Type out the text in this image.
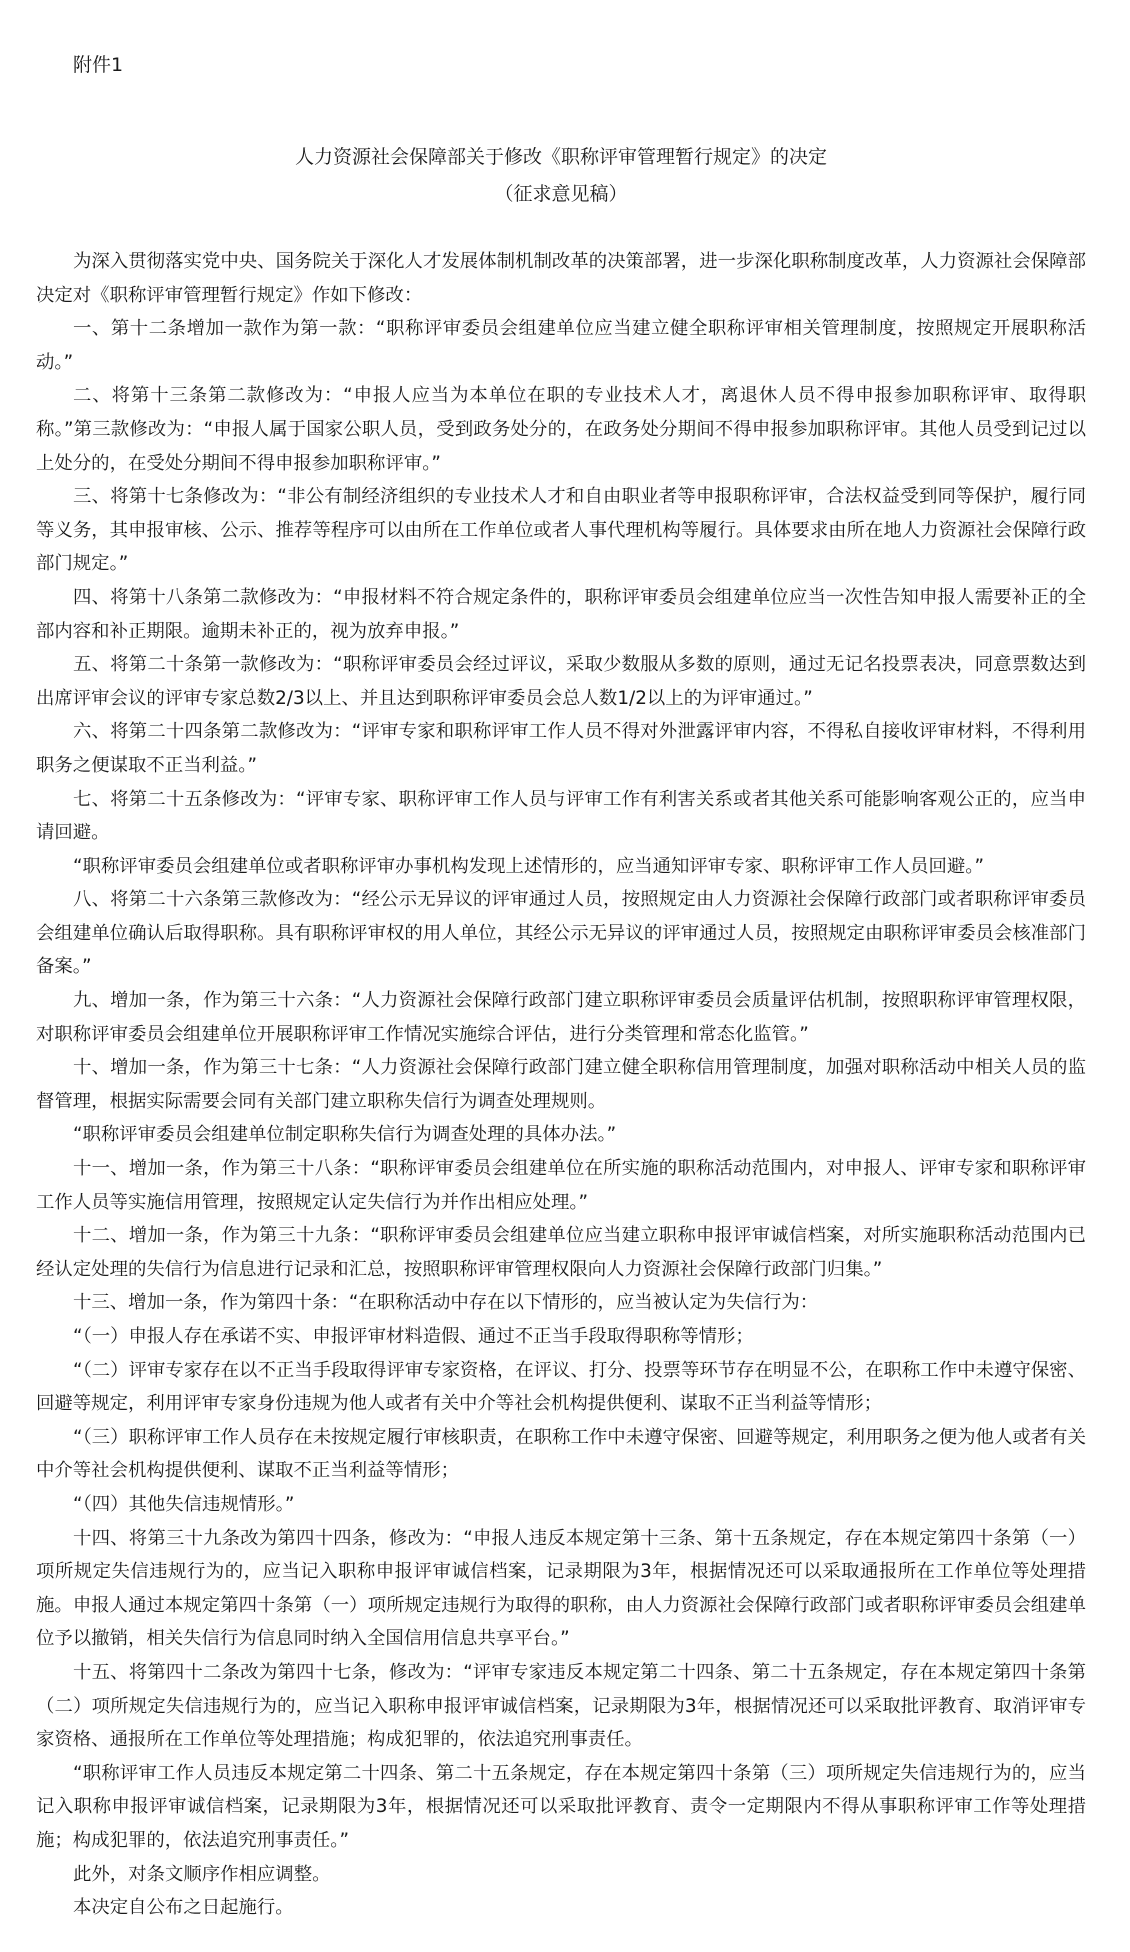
附件1
人力资源社会保障部关于修改《职称评审管理暂行规定》的决定
（征求意见稿）

为深入贯彻落实党中央、国务院关于深化人才发展体制机制改革的决策部署，进一步深化职称制度改革，人力资源社会保障部决定对《职称评审管理暂行规定》作如下修改：

一、第十二条增加一款作为第一款：“职称评审委员会组建单位应当建立健全职称评审相关管理制度，按照规定开展职称活动。”

二、将第十三条第二款修改为：“申报人应当为本单位在职的专业技术人才，离退休人员不得申报参加职称评审、取得职称。”第三款修改为：“申报人属于国家公职人员，受到政务处分的，在政务处分期间不得申报参加职称评审。其他人员受到记过以上处分的，在受处分期间不得申报参加职称评审。”

三、将第十七条修改为：“非公有制经济组织的专业技术人才和自由职业者等申报职称评审，合法权益受到同等保护，履行同等义务，其申报审核、公示、推荐等程序可以由所在工作单位或者人事代理机构等履行。具体要求由所在地人力资源社会保障行政部门规定。”

四、将第十八条第二款修改为：“申报材料不符合规定条件的，职称评审委员会组建单位应当一次性告知申报人需要补正的全部内容和补正期限。逾期未补正的，视为放弃申报。”

五、将第二十条第一款修改为：“职称评审委员会经过评议，采取少数服从多数的原则，通过无记名投票表决，同意票数达到出席评审会议的评审专家总数2/3以上、并且达到职称评审委员会总人数1/2以上的为评审通过。”

六、将第二十四条第二款修改为：“评审专家和职称评审工作人员不得对外泄露评审内容，不得私自接收评审材料，不得利用职务之便谋取不正当利益。”

七、将第二十五条修改为：“评审专家、职称评审工作人员与评审工作有利害关系或者其他关系可能影响客观公正的，应当申请回避。

“职称评审委员会组建单位或者职称评审办事机构发现上述情形的，应当通知评审专家、职称评审工作人员回避。”

八、将第二十六条第三款修改为：“经公示无异议的评审通过人员，按照规定由人力资源社会保障行政部门或者职称评审委员会组建单位确认后取得职称。具有职称评审权的用人单位，其经公示无异议的评审通过人员，按照规定由职称评审委员会核准部门备案。”

九、增加一条，作为第三十六条：“人力资源社会保障行政部门建立职称评审委员会质量评估机制，按照职称评审管理权限，对职称评审委员会组建单位开展职称评审工作情况实施综合评估，进行分类管理和常态化监管。”

十、增加一条，作为第三十七条：“人力资源社会保障行政部门建立健全职称信用管理制度，加强对职称活动中相关人员的监督管理，根据实际需要会同有关部门建立职称失信行为调查处理规则。

“职称评审委员会组建单位制定职称失信行为调查处理的具体办法。”

十一、增加一条，作为第三十八条：“职称评审委员会组建单位在所实施的职称活动范围内，对申报人、评审专家和职称评审工作人员等实施信用管理，按照规定认定失信行为并作出相应处理。”

十二、增加一条，作为第三十九条：“职称评审委员会组建单位应当建立职称申报评审诚信档案，对所实施职称活动范围内已经认定处理的失信行为信息进行记录和汇总，按照职称评审管理权限向人力资源社会保障行政部门归集。”

十三、增加一条，作为第四十条：“在职称活动中存在以下情形的，应当被认定为失信行为：

“（一）申报人存在承诺不实、申报评审材料造假、通过不正当手段取得职称等情形；

“（二）评审专家存在以不正当手段取得评审专家资格，在评议、打分、投票等环节存在明显不公，在职称工作中未遵守保密、回避等规定，利用评审专家身份违规为他人或者有关中介等社会机构提供便利、谋取不正当利益等情形；

“（三）职称评审工作人员存在未按规定履行审核职责，在职称工作中未遵守保密、回避等规定，利用职务之便为他人或者有关中介等社会机构提供便利、谋取不正当利益等情形；

“（四）其他失信违规情形。”

十四、将第三十九条改为第四十四条，修改为：“申报人违反本规定第十三条、第十五条规定，存在本规定第四十条第（一）项所规定失信违规行为的，应当记入职称申报评审诚信档案，记录期限为3年，根据情况还可以采取通报所在工作单位等处理措施。申报人通过本规定第四十条第（一）项所规定违规行为取得的职称，由人力资源社会保障行政部门或者职称评审委员会组建单位予以撤销，相关失信行为信息同时纳入全国信用信息共享平台。”

十五、将第四十二条改为第四十七条，修改为：“评审专家违反本规定第二十四条、第二十五条规定，存在本规定第四十条第（二）项所规定失信违规行为的，应当记入职称申报评审诚信档案，记录期限为3年，根据情况还可以采取批评教育、取消评审专家资格、通报所在工作单位等处理措施；构成犯罪的，依法追究刑事责任。

“职称评审工作人员违反本规定第二十四条、第二十五条规定，存在本规定第四十条第（三）项所规定失信违规行为的，应当记入职称申报评审诚信档案，记录期限为3年，根据情况还可以采取批评教育、责令一定期限内不得从事职称评审工作等处理措施；构成犯罪的，依法追究刑事责任。”

此外，对条文顺序作相应调整。

本决定自公布之日起施行。
